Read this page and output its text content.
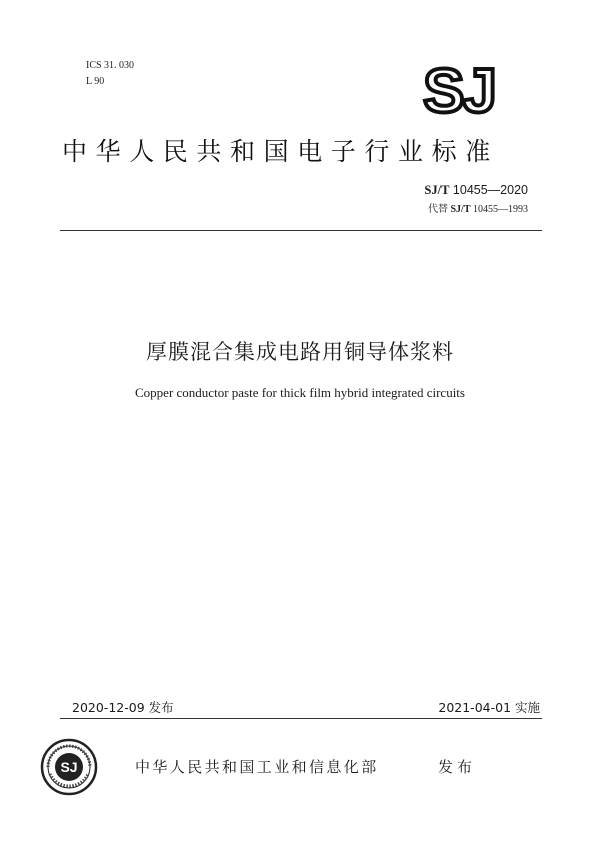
ICS 31. 030
L 90	SJ
中华人民共和国电子行业标准
SJ/T 10455—2020
代替 SJ/T 10455—1993
厚膜混合集成电路用铜导体浆料
Copper conductor paste for thick film hybrid integrated circuits
2020-12-09 发布	2021-04-01 实施
SJ	中华人民共和国工业和信息化部	发布
